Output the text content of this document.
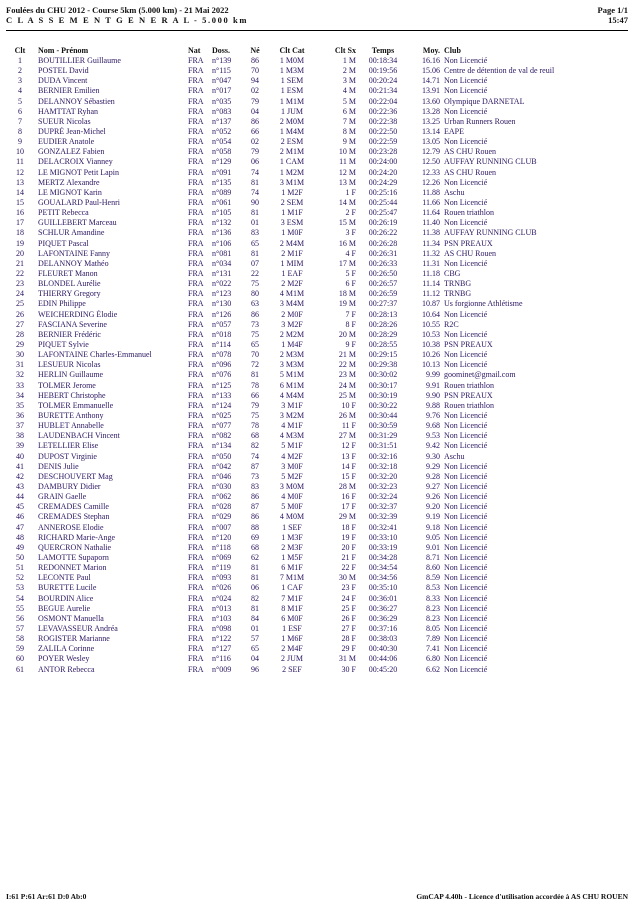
Foulées du CHU 2012 - Course 5km (5.000 km) - 21 Mai 2022
C L A S S E M E N T G E N E R A L - 5.000 km
Page 1/1
15:47
Clt	Nom - Prénom	Nat	Doss.	Né	Clt Cat	Clt Sx	Temps	Moy.	Club
1	BOUTILLIER Guillaume	FRA	n°139	86	1 M0M	1 M	00:18:34	16.16	Non Licencié
2	POSTEL David	FRA	n°115	70	1 M3M	2 M	00:19:56	15.06	Centre de détention de val de reuil
3	DUDA Vincent	FRA	n°047	94	1 SEM	3 M	00:20:24	14.71	Non Licencié
4	BERNIER Emilien	FRA	n°017	02	1 ESM	4 M	00:21:34	13.91	Non Licencié
5	DELANNOY Sébastien	FRA	n°035	79	1 M1M	5 M	00:22:04	13.60	Olympique DARNETAL
6	HAMTTAT Ryhan	FRA	n°083	04	1 JUM	6 M	00:22:36	13.28	Non Licencié
7	SUEUR Nicolas	FRA	n°137	86	2 M0M	7 M	00:22:38	13.25	Urban Runners Rouen
8	DUPRÉ Jean-Michel	FRA	n°052	66	1 M4M	8 M	00:22:50	13.14	EAPE
9	EUDIER Anatole	FRA	n°054	02	2 ESM	9 M	00:22:59	13.05	Non Licencié
10	GONZALEZ Fabien	FRA	n°058	79	2 M1M	10 M	00:23:28	12.79	AS CHU Rouen
11	DELACROIX Vianney	FRA	n°129	06	1 CAM	11 M	00:24:00	12.50	AUFFAY RUNNING CLUB
12	LE MIGNOT Petit Lapin	FRA	n°091	74	1 M2M	12 M	00:24:20	12.33	AS CHU Rouen
13	MERTZ Alexandre	FRA	n°135	81	3 M1M	13 M	00:24:29	12.26	Non Licencié
14	LE MIGNOT Karin	FRA	n°089	74	1 M2F	1 F	00:25:16	11.88	Aschu
15	GOUALARD Paul-Henri	FRA	n°061	90	2 SEM	14 M	00:25:44	11.66	Non Licencié
16	PETIT Rebecca	FRA	n°105	81	1 M1F	2 F	00:25:47	11.64	Rouen triathlon
17	GUILLEBERT Marceau	FRA	n°132	01	3 ESM	15 M	00:26:19	11.40	Non Licencié
18	SCHLUR Amandine	FRA	n°136	83	1 M0F	3 F	00:26:22	11.38	AUFFAY RUNNING CLUB
19	PIQUET Pascal	FRA	n°106	65	2 M4M	16 M	00:26:28	11.34	PSN PREAUX
20	LAFONTAINE Fanny	FRA	n°081	81	2 M1F	4 F	00:26:31	11.32	AS CHU Rouen
21	DELANNOY Mathéo	FRA	n°034	07	1 MIM	17 M	00:26:33	11.31	Non Licencié
22	FLEURET Manon	FRA	n°131	22	1 EAF	5 F	00:26:50	11.18	CBG
23	BLONDEL Aurélie	FRA	n°022	75	2 M2F	6 F	00:26:57	11.14	TRNBG
24	THIERRY Gregory	FRA	n°123	80	4 M1M	18 M	00:26:59	11.12	TRNBG
25	EDIN Philippe	FRA	n°130	63	3 M4M	19 M	00:27:37	10.87	Us forgionne Athlétisme
26	WEICHERDING Élodie	FRA	n°126	86	2 M0F	7 F	00:28:13	10.64	Non Licencié
27	FASCIANA Severine	FRA	n°057	73	3 M2F	8 F	00:28:26	10.55	R2C
28	BERNIER Frédéric	FRA	n°018	75	2 M2M	20 M	00:28:29	10.53	Non Licencié
29	PIQUET Sylvie	FRA	n°114	65	1 M4F	9 F	00:28:55	10.38	PSN PREAUX
30	LAFONTAINE Charles-Emmanuel	FRA	n°078	70	2 M3M	21 M	00:29:15	10.26	Non Licencié
31	LESUEUR Nicolas	FRA	n°096	72	3 M3M	22 M	00:29:38	10.13	Non Licencié
32	HERLIN Guillaume	FRA	n°076	81	5 M1M	23 M	00:30:02	9.99	goominet@gmail.com
33	TOLMER Jerome	FRA	n°125	78	6 M1M	24 M	00:30:17	9.91	Rouen triathlon
34	HEBERT Christophe	FRA	n°133	66	4 M4M	25 M	00:30:19	9.90	PSN PREAUX
35	TOLMER Emmanuelle	FRA	n°124	79	3 M1F	10 F	00:30:22	9.88	Rouen triathlon
36	BURETTE Anthony	FRA	n°025	75	3 M2M	26 M	00:30:44	9.76	Non Licencié
37	HUBLET Annabelle	FRA	n°077	78	4 M1F	11 F	00:30:59	9.68	Non Licencié
38	LAUDENBACH Vincent	FRA	n°082	68	4 M3M	27 M	00:31:29	9.53	Non Licencié
39	LETELLIER Elise	FRA	n°134	82	5 M1F	12 F	00:31:51	9.42	Non Licencié
40	DUPOST Virginie	FRA	n°050	74	4 M2F	13 F	00:32:16	9.30	Aschu
41	DENIS Julie	FRA	n°042	87	3 M0F	14 F	00:32:18	9.29	Non Licencié
42	DESCHOUVERT Mag	FRA	n°046	73	5 M2F	15 F	00:32:20	9.28	Non Licencié
43	DAMBURY Didier	FRA	n°030	83	3 M0M	28 M	00:32:23	9.27	Non Licencié
44	GRAIN Gaelle	FRA	n°062	86	4 M0F	16 F	00:32:24	9.26	Non Licencié
45	CREMADES Camille	FRA	n°028	87	5 M0F	17 F	00:32:37	9.20	Non Licencié
46	CREMADES Stephan	FRA	n°029	86	4 M0M	29 M	00:32:39	9.19	Non Licencié
47	ANNEROSE Elodie	FRA	n°007	88	1 SEF	18 F	00:32:41	9.18	Non Licencié
48	RICHARD Marie-Ange	FRA	n°120	69	1 M3F	19 F	00:33:10	9.05	Non Licencié
49	QUERCRON Nathalie	FRA	n°118	68	2 M3F	20 F	00:33:19	9.01	Non Licencié
50	LAMOTTE Supaporn	FRA	n°069	62	1 M5F	21 F	00:34:28	8.71	Non Licencié
51	REDONNET Marion	FRA	n°119	81	6 M1F	22 F	00:34:54	8.60	Non Licencié
52	LECONTE Paul	FRA	n°093	81	7 M1M	30 M	00:34:56	8.59	Non Licencié
53	BURETTE Lucile	FRA	n°026	06	1 CAF	23 F	00:35:10	8.53	Non Licencié
54	BOURDIN Alice	FRA	n°024	82	7 M1F	24 F	00:36:01	8.33	Non Licencié
55	BEGUE Aurelie	FRA	n°013	81	8 M1F	25 F	00:36:27	8.23	Non Licencié
56	OSMONT Manuella	FRA	n°103	84	6 M0F	26 F	00:36:29	8.23	Non Licencié
57	LEVAVASSEUR Andréa	FRA	n°098	01	1 ESF	27 F	00:37:16	8.05	Non Licencié
58	ROGISTER Marianne	FRA	n°122	57	1 M6F	28 F	00:38:03	7.89	Non Licencié
59	ZALILA Corinne	FRA	n°127	65	2 M4F	29 F	00:40:30	7.41	Non Licencié
60	POYER Wesley	FRA	n°116	04	2 JUM	31 M	00:44:06	6.80	Non Licencié
61	ANTOR Rebecca	FRA	n°009	96	2 SEF	30 F	00:45:20	6.62	Non Licencié
I:61 P:61 Ar:61 D:0 Ab:0	GmCAP 4.40h - Licence d'utilisation accordée à AS CHU ROUEN
